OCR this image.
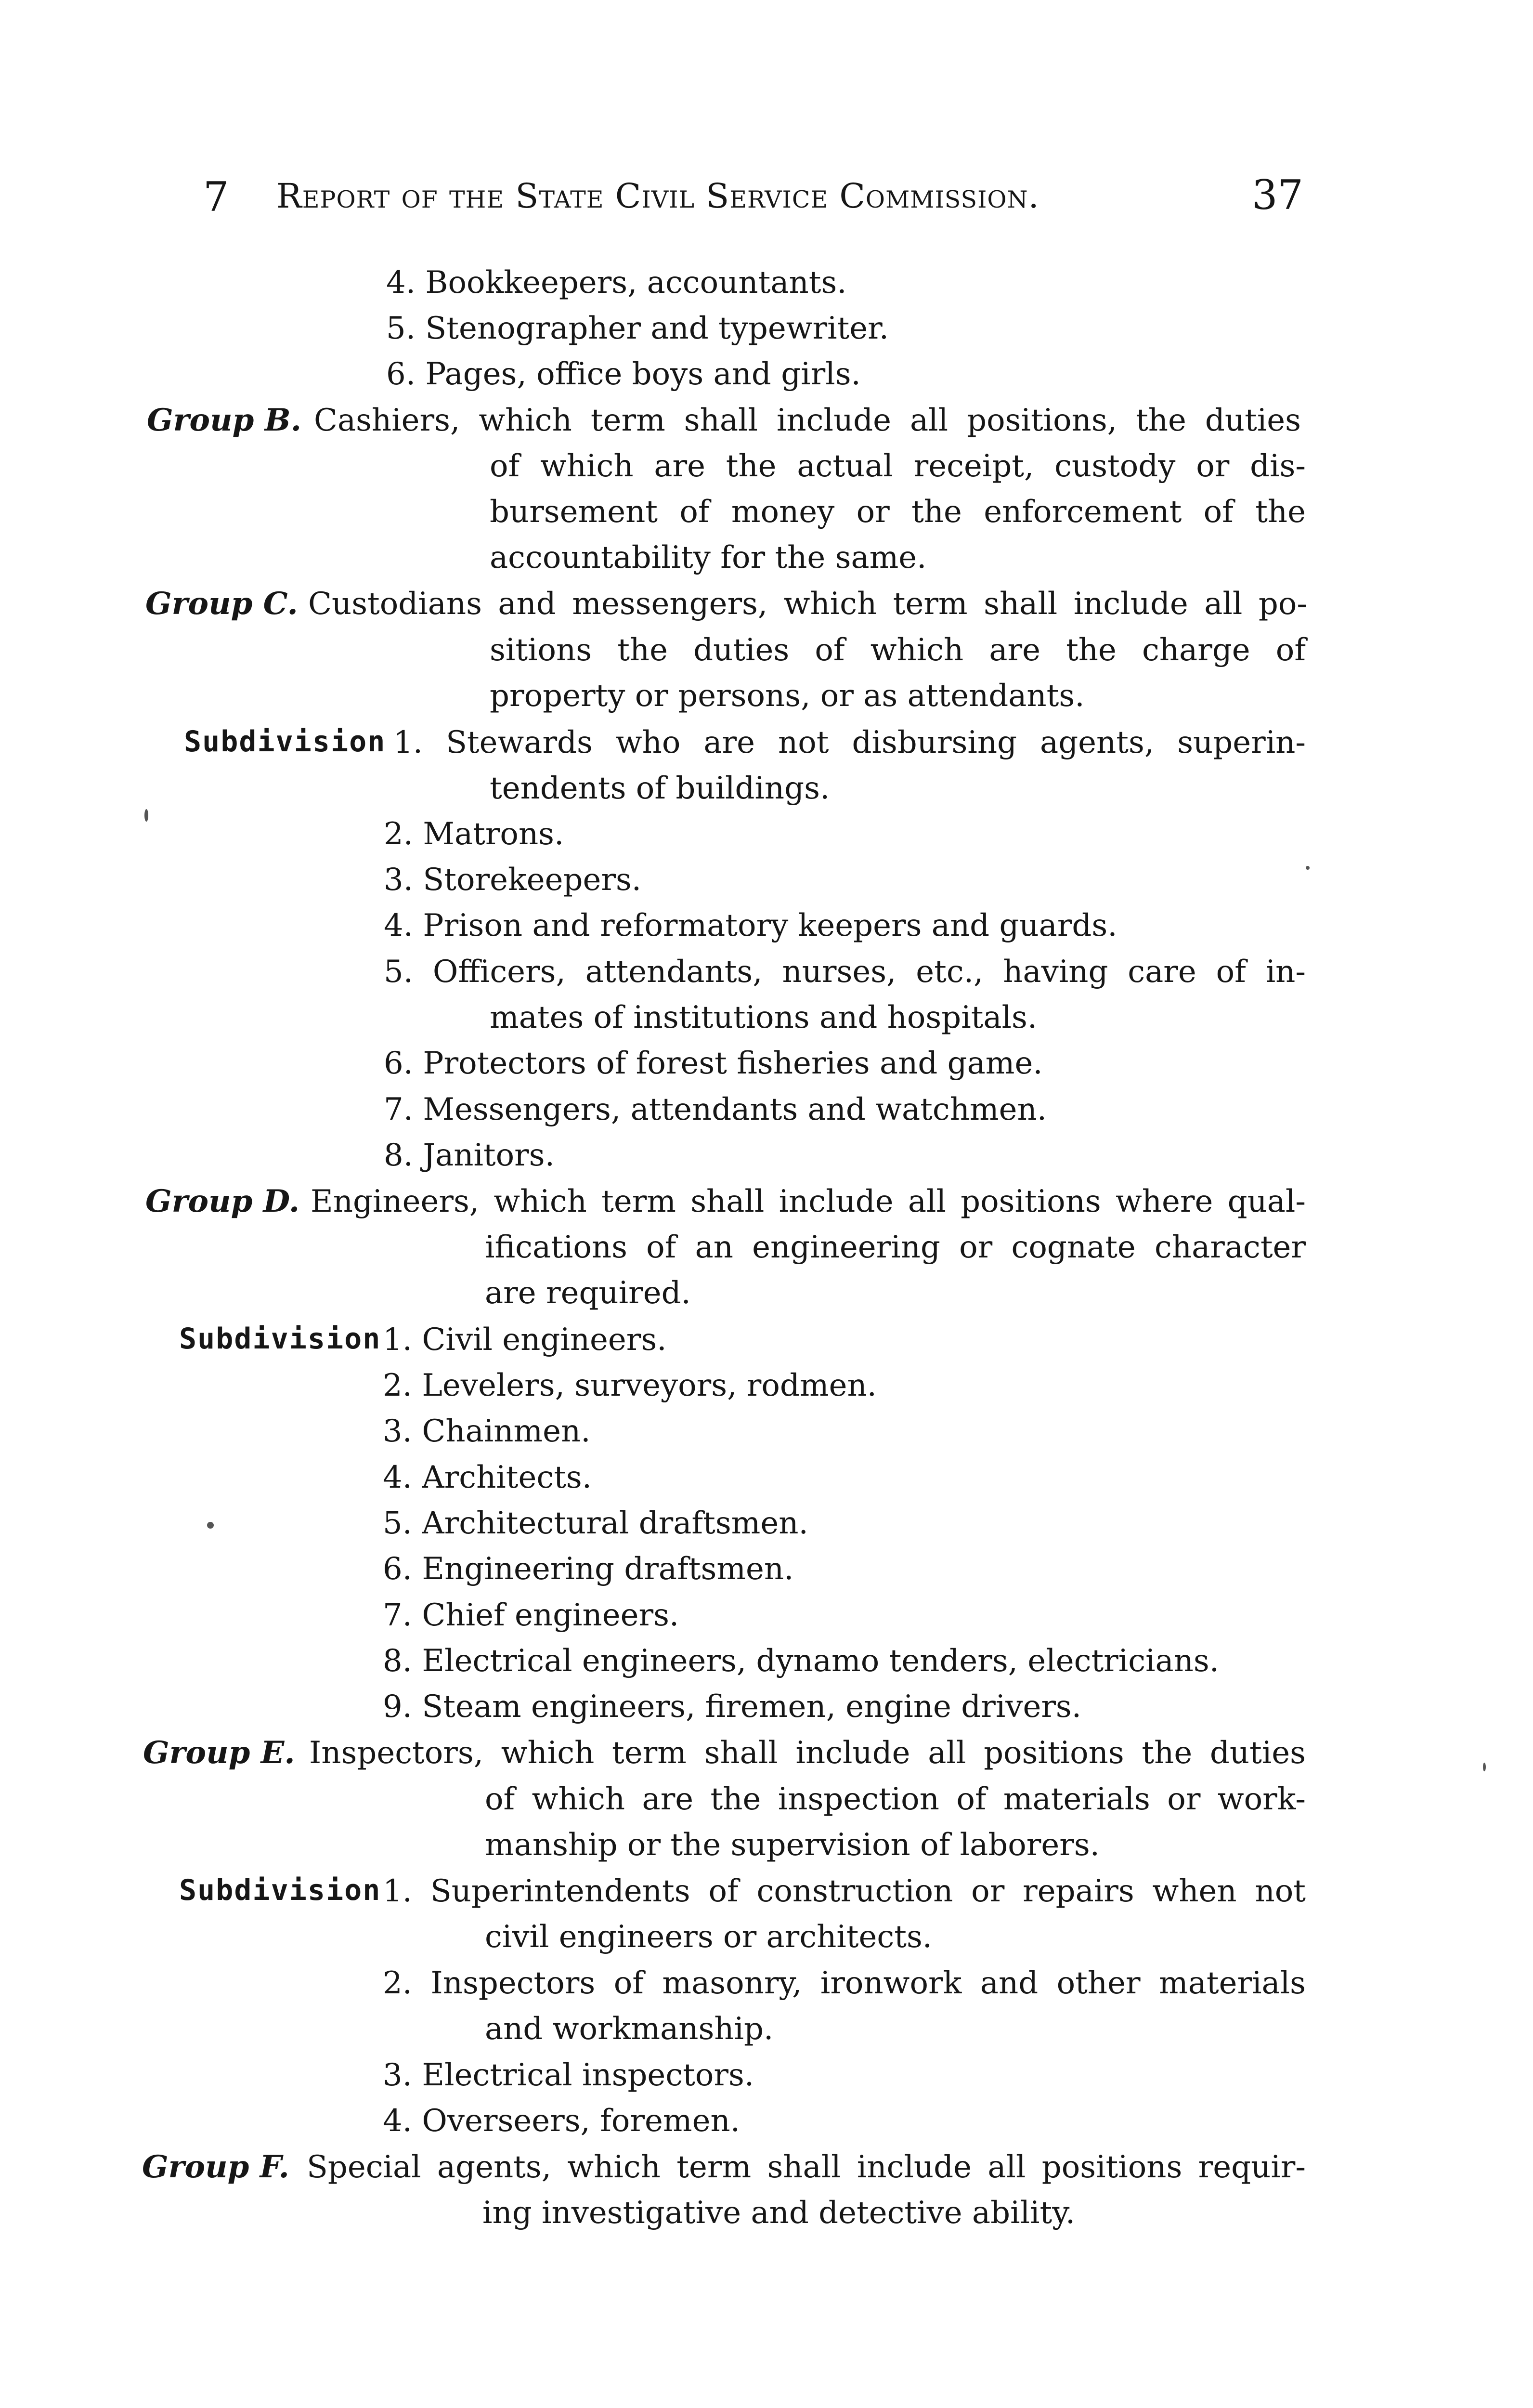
7 Report of the State Civil Service Commission.	37
4. Bookkeepers, accountants.
5. Stenographer and typewriter.
6. Pages, office boys and girls.
Group B. Cashiers, which term shall include all positions, the duties
of which are the actual receipt, custody or dis-
bursement of money or the enforcement of the
accountability for the same.
Group C. Custodians and messengers, which term shall include all po-
sitions the duties of which are the charge of
property or persons, or as attendants.
Subdivision 1. Stewards who are not disbursing agents, superin-
tendents of buildings.
2. Matrons.
3. Storekeepers.
4. Prison and reformatory keepers and guards.
5. Officers, attendants, nurses, etc., having care of in-
mates of institutions and hospitals.
6. Protectors of forest fisheries and game.
7. Messengers, attendants and watchmen.
8. Janitors.
Group D. Engineers, which term shall include all positions where qual-
ifications of an engineering or cognate character
are required.
Subdivision 1. Civil engineers.
2. Levelers, surveyors, rodmen.
3. Chainmen.
4. Architects.
5. Architectural draftsmen.
6. Engineering draftsmen.
7. Chief engineers.
8. Electrical engineers, dynamo tenders, electricians.
9. Steam engineers, firemen, engine drivers.
Group E. Inspectors, which term shall include all positions the duties
of which are the inspection of materials or work-
manship or the supervision of laborers.
Subdivision 1. Superintendents of construction or repairs when not
civil engineers or architects.
2. Inspectors of masonry, ironwork and other materials
and workmanship.
3. Electrical inspectors.
4. Overseers, foremen.
Group F. Special agents, which term shall include all positions requir-
ing investigative and detective ability.
